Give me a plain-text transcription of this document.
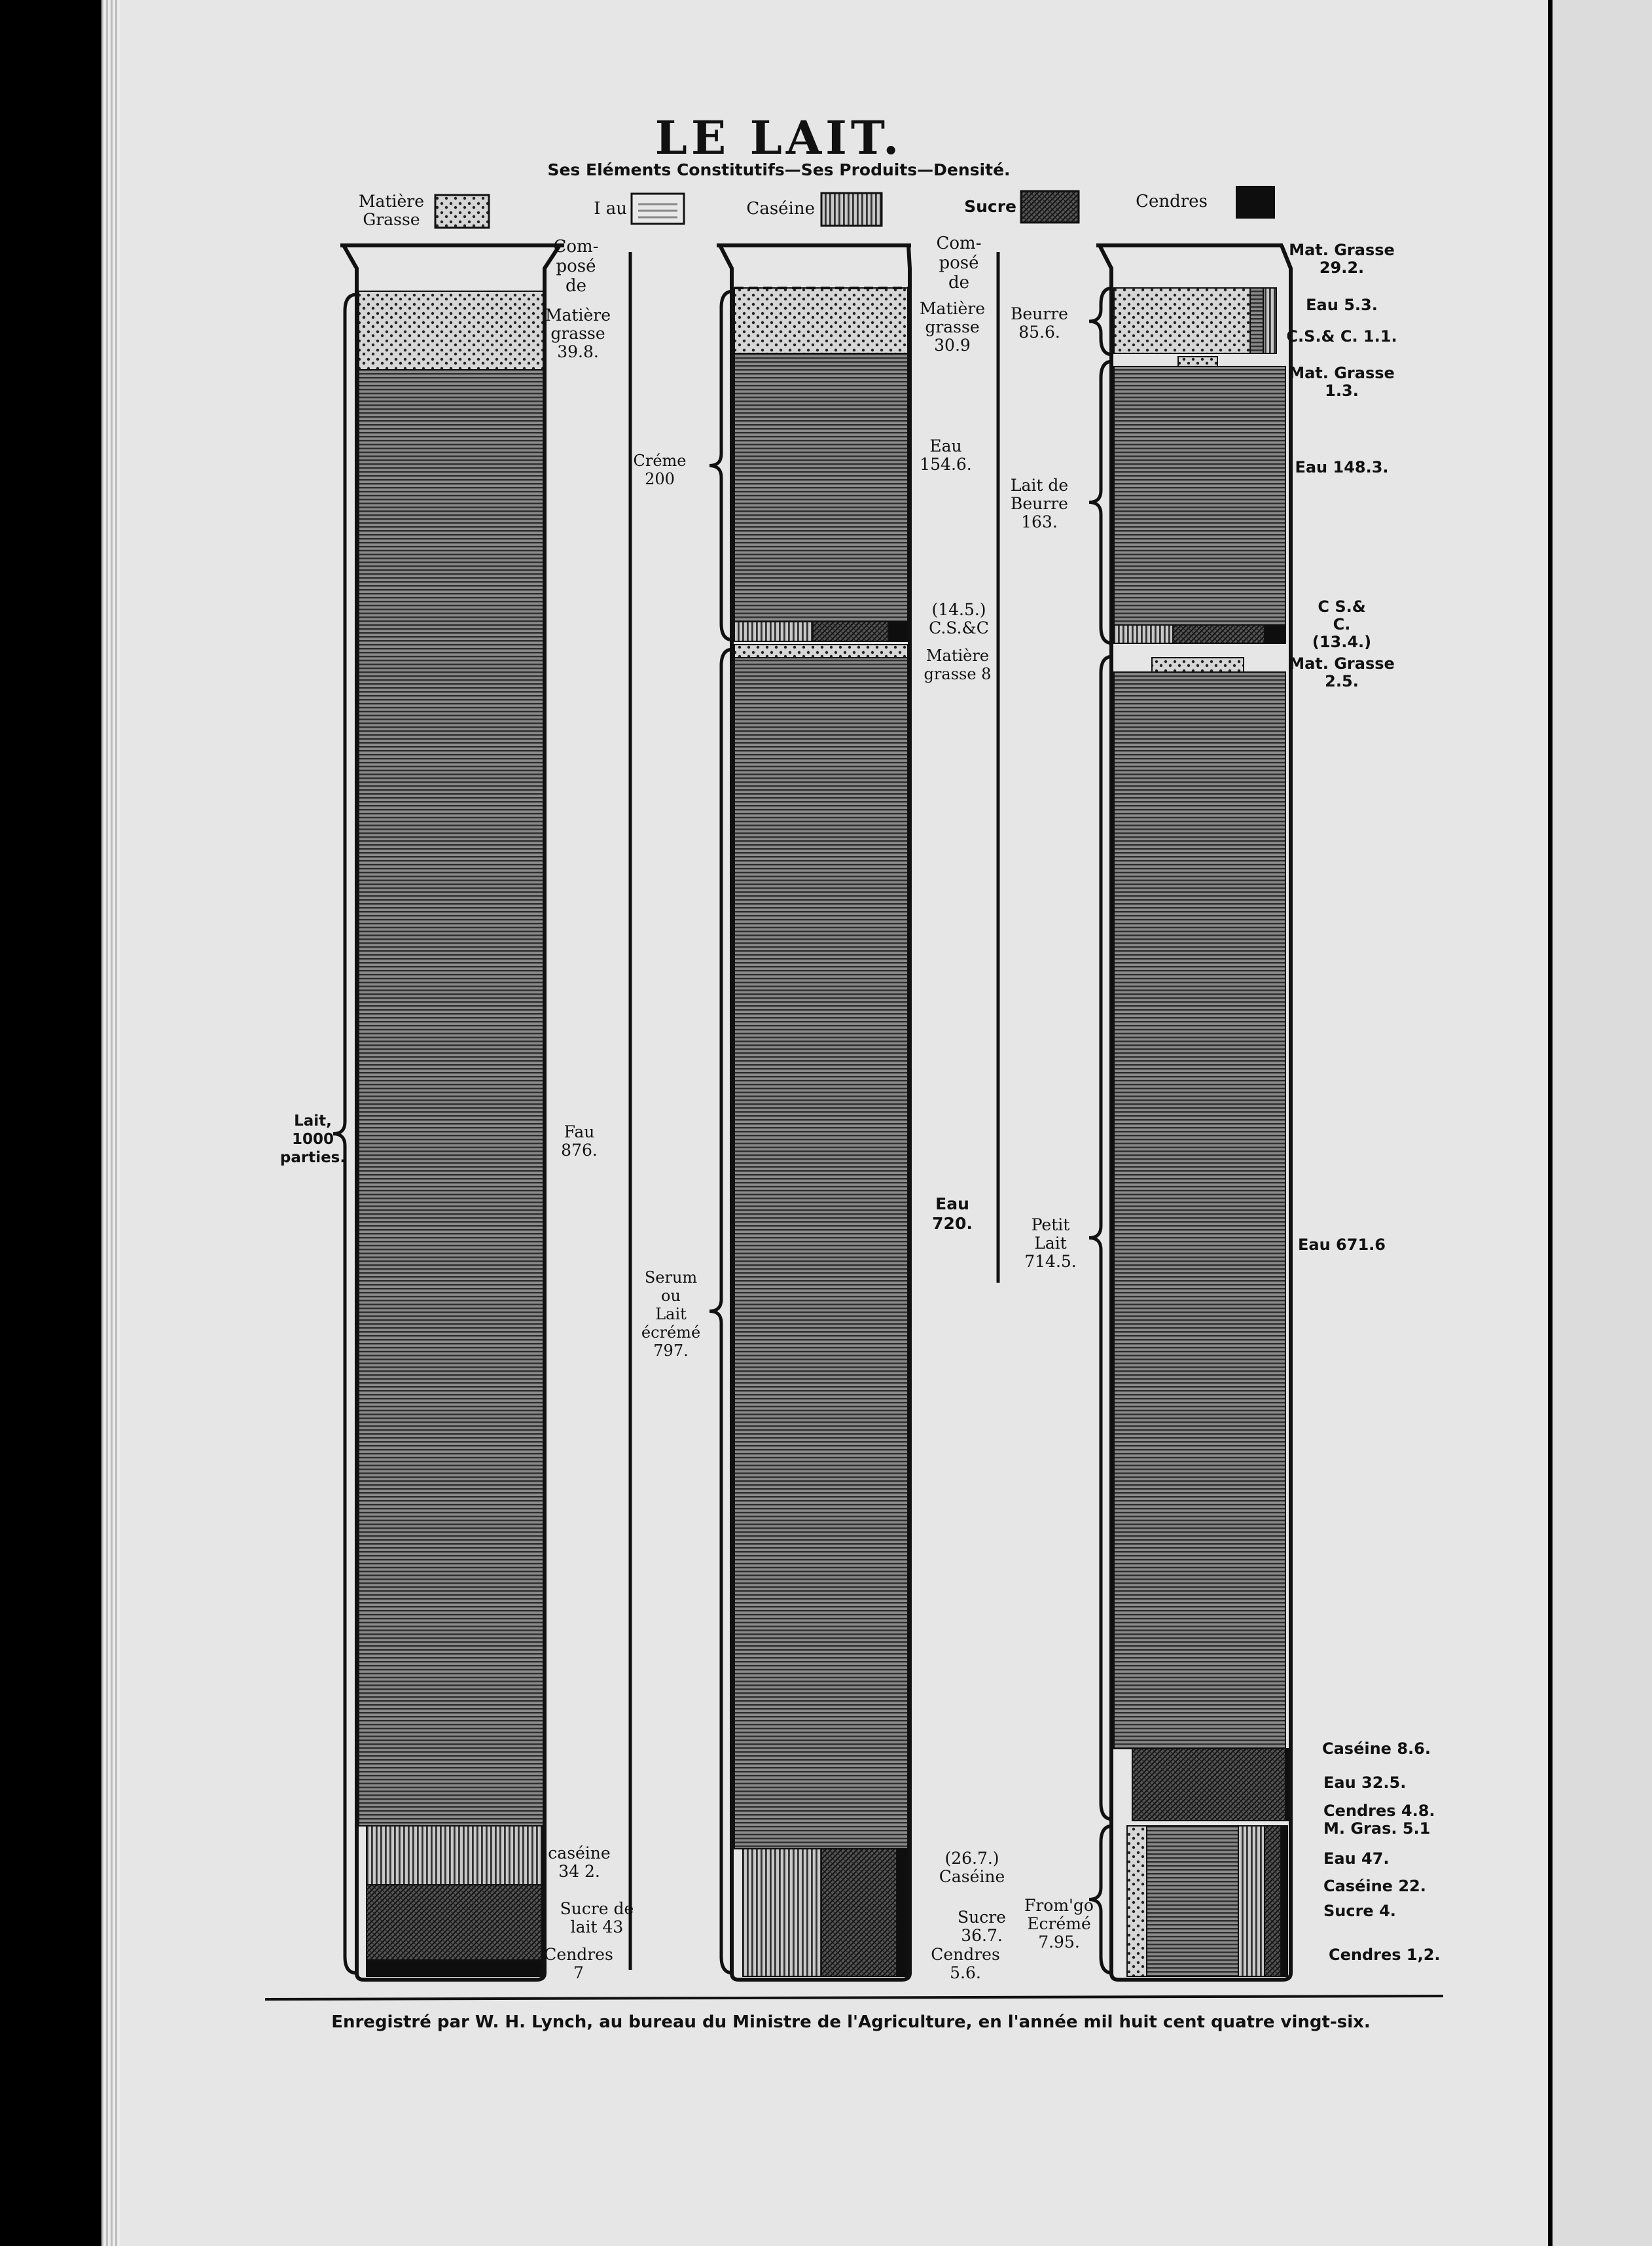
LE LAIT.
Ses Eléments Constitutifs—Ses Produits—Densité.
Matière Grasse
I au	Caséine	Sucre	Cendres
Com-posé de
Lait, 1000 parties.
Matière grasse 39.8.
Fau 876.
caséine 34 2.
Sucre de lait 43
Cendres 7
Com-posé de
Créme 200
Serum ou Lait écrémé 797.
Matière grasse 30.9
Eau 154.6.
(14.5.) C.S.&C
Matière grasse 8
Eau 720.
(26.7.) Caséine
Sucre 36.7.
Cendres 5.6.
Beurre 85.6.
Lait de Beurre 163.
Petit Lait 714.5.
From'go Ecrémé 7.95.
Mat. Grasse 29.2.
Eau 5.3.
C.S.& C. 1.1.
Mat. Grasse 1.3.
Eau 148.3.
C S.& C. (13.4.)
Mat. Grasse 2.5.
Eau 671.6
Caséine 8.6.
Eau 32.5.
Cendres 4.8.
M. Gras. 5.1
Eau 47.
Caséine 22.
Sucre 4.
Cendres 1,2.
Enregistré par W. H. Lynch, au bureau du Ministre de l'Agriculture, en l'année mil huit cent quatre vingt-six.
